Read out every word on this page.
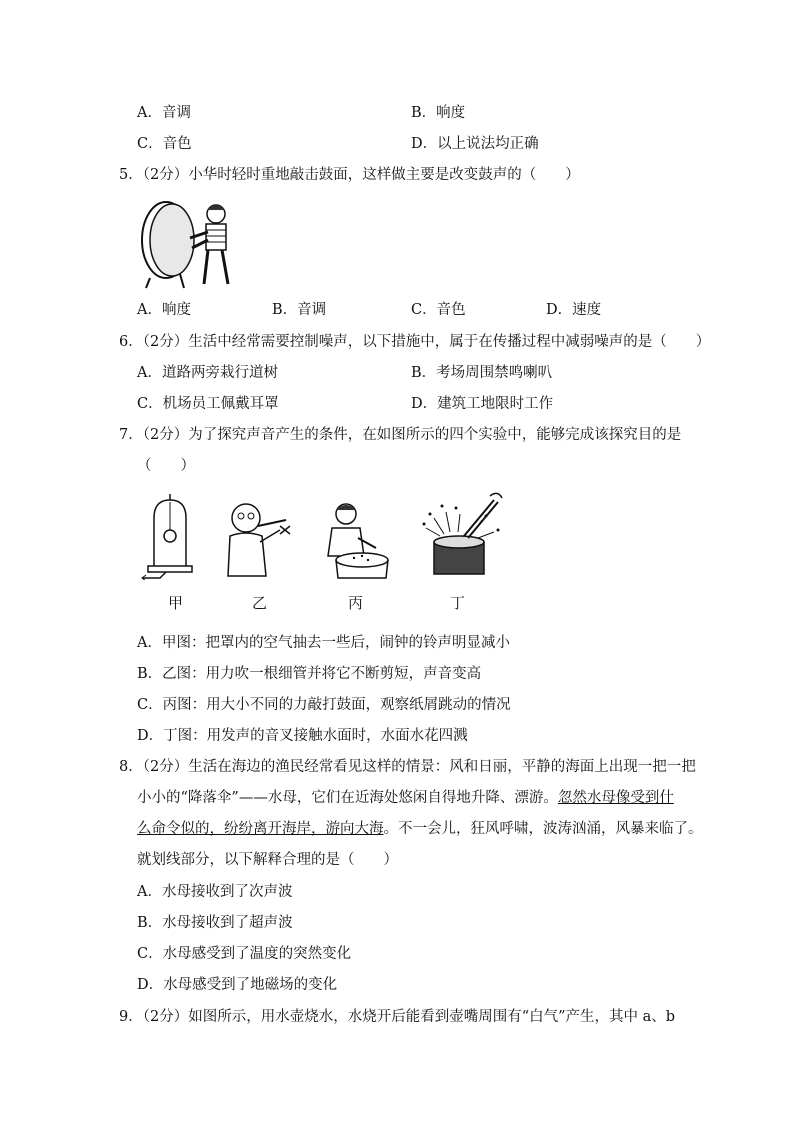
A．音调	B．响度
C．音色	D．以上说法均正确
5．（2分）小华时轻时重地敲击鼓面，这样做主要是改变鼓声的（　　）
A．响度	B．音调	C．音色	D．速度
6．（2分）生活中经常需要控制噪声，以下措施中，属于在传播过程中减弱噪声的是（　　）
A．道路两旁栽行道树	B．考场周围禁鸣喇叭
C．机场员工佩戴耳罩	D．建筑工地限时工作
7．（2分）为了探究声音产生的条件，在如图所示的四个实验中，能够完成该探究目的是
（　　）
甲	乙	丙	丁
A．甲图：把罩内的空气抽去一些后，闹钟的铃声明显减小
B．乙图：用力吹一根细管并将它不断剪短，声音变高
C．丙图：用大小不同的力敲打鼓面，观察纸屑跳动的情况
D．丁图：用发声的音叉接触水面时，水面水花四溅
8．（2分）生活在海边的渔民经常看见这样的情景：风和日丽，平静的海面上出现一把一把
小小的“降落伞”——水母，它们在近海处悠闲自得地升降、漂游。忽然水母像受到什
么命令似的，纷纷离开海岸，游向大海。不一会儿，狂风呼啸，波涛汹涌，风暴来临了。
就划线部分，以下解释合理的是（　　）
A．水母接收到了次声波
B．水母接收到了超声波
C．水母感受到了温度的突然变化
D．水母感受到了地磁场的变化
9．（2分）如图所示，用水壶烧水，水烧开后能看到壶嘴周围有“白气”产生，其中 a、b
